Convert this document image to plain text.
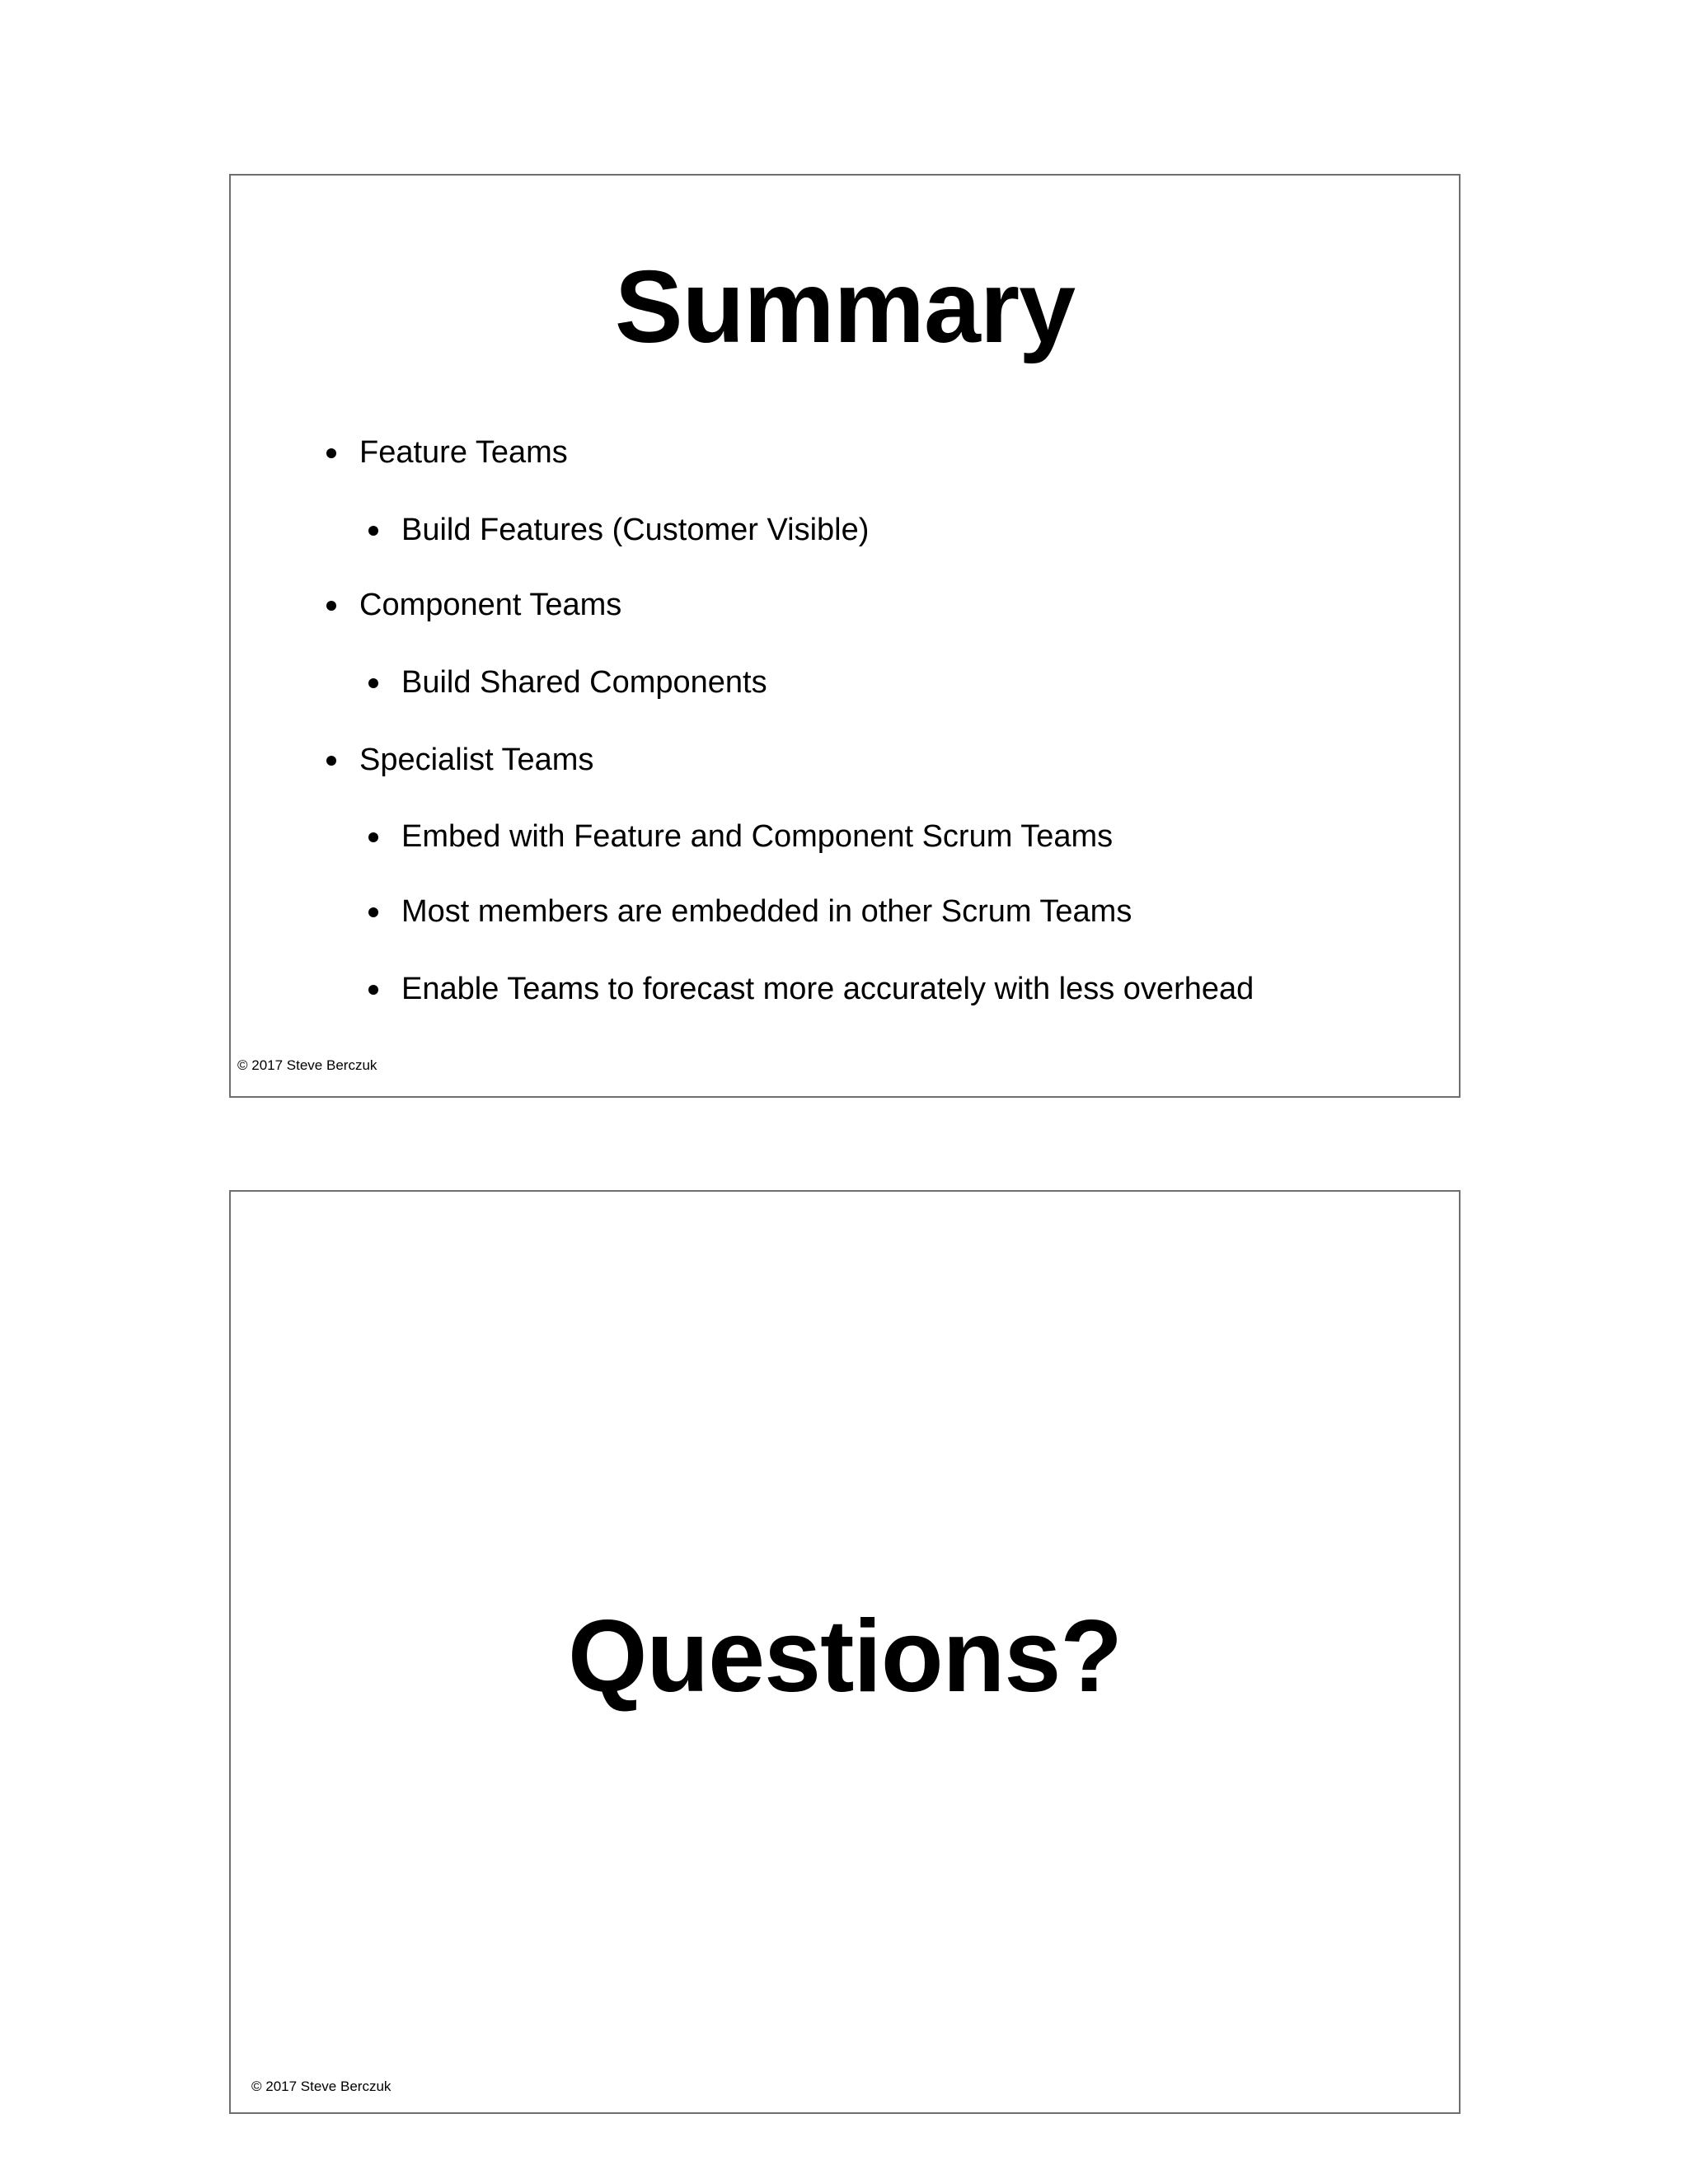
Summary
Feature Teams
Build Features (Customer Visible)
Component Teams
Build Shared Components
Specialist Teams
Embed with Feature and Component Scrum Teams
Most members are embedded in other Scrum Teams
Enable Teams to forecast more accurately with less overhead
© 2017 Steve Berczuk
Questions?
© 2017 Steve Berczuk
